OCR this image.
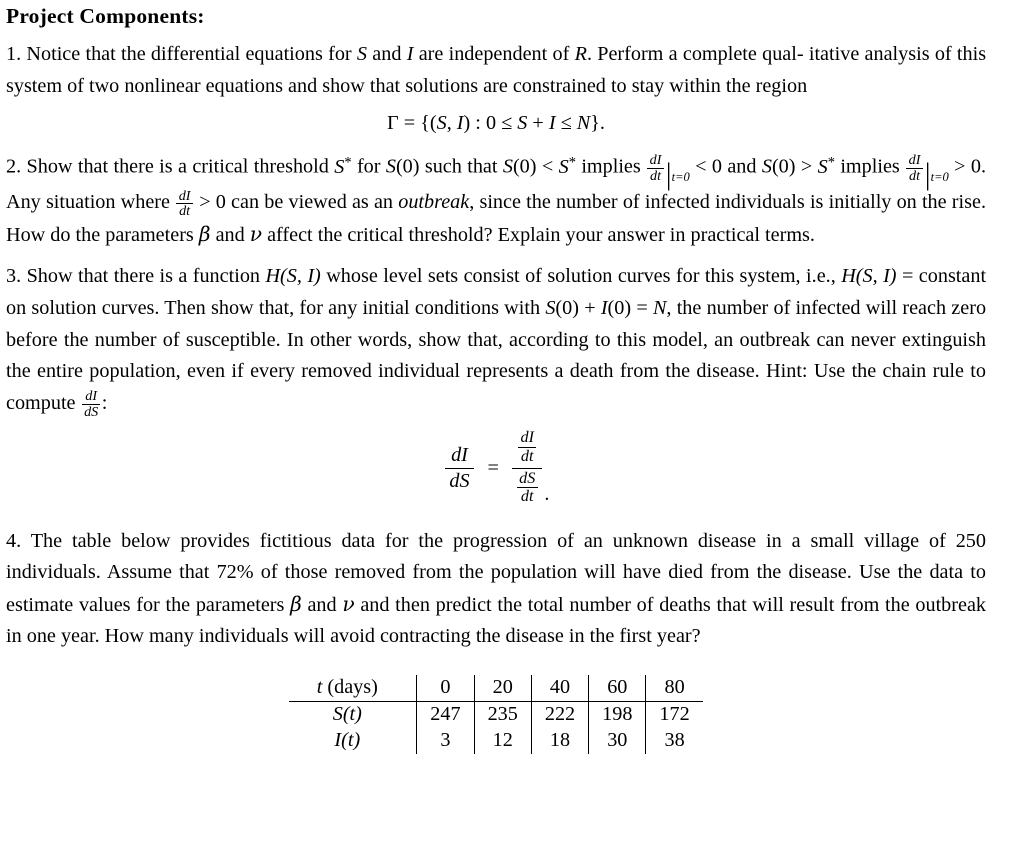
Project Components:

1. Notice that the differential equations for S and I are independent of R. Perform a complete qual- itative analysis of this system of two nonlinear equations and show that solutions are constrained to stay within the region

Γ = {(S, I) : 0 ≤ S + I ≤ N}.

2. Show that there is a critical threshold S* for S(0) such that S(0) < S* implies $\frac{dI}{dt} |_{t=0} < 0$ and S(0) > S* implies $\frac{dI}{dt} |_{t=0} > 0$. Any situation where $\frac{dI}{dt} > 0$ can be viewed as an outbreak, since the number of infected individuals is initially on the rise. How do the parameters β and ν affect the critical threshold? Explain your answer in practical terms.

3. Show that there is a function H(S, I) whose level sets consist of solution curves for this system, i.e., H(S, I) = constant on solution curves. Then show that, for any initial conditions with S(0) + I(0) = N, the number of infected will reach zero before the number of susceptible. In other words, show that, according to this model, an outbreak can never extinguish the entire population, even if every removed individual represents a death from the disease. Hint: Use the chain rule to compute $\frac{dI}{dS}$ :

$\frac{dI}{dS} = \frac{\frac{dI}{dt}}{\frac{dS}{dt}}$ .

4. The table below provides fictitious data for the progression of an unknown disease in a small village of 250 individuals. Assume that 72% of those removed from the population will have died from the disease. Use the data to estimate values for the parameters β and ν and then predict the total number of deaths that will result from the outbreak in one year. How many individuals will avoid contracting the disease in the first year?

t (days)	0	20	40	60	80
S(t)	247	235	222	198	172
I(t)	3	12	18	30	38
